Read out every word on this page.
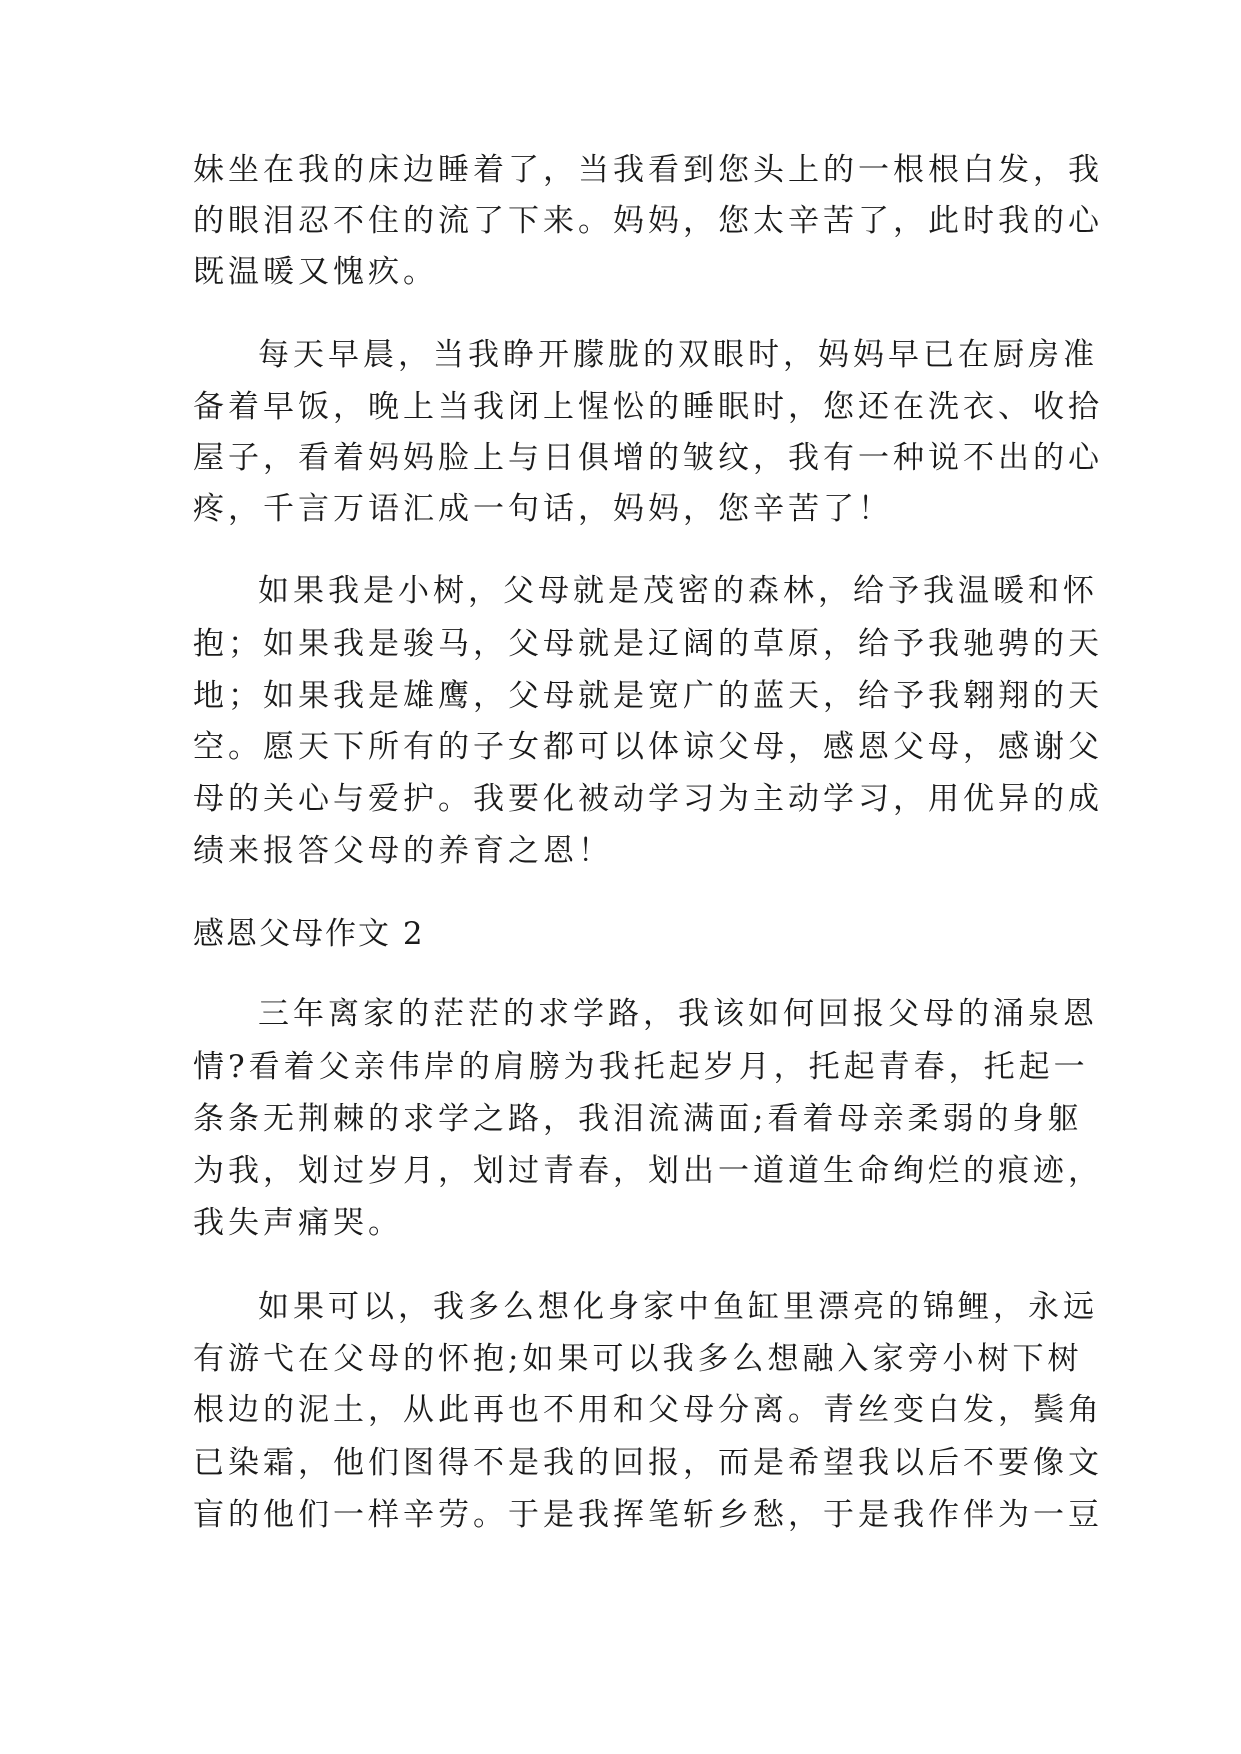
妹坐在我的床边睡着了，当我看到您头上的一根根白发，我
的眼泪忍不住的流了下来。妈妈，您太辛苦了，此时我的心
既温暖又愧疚。
每天早晨，当我睁开朦胧的双眼时，妈妈早已在厨房准
备着早饭，晚上当我闭上惺忪的睡眠时，您还在洗衣、收拾
屋子，看着妈妈脸上与日俱增的皱纹，我有一种说不出的心
疼，千言万语汇成一句话，妈妈，您辛苦了！
如果我是小树，父母就是茂密的森林，给予我温暖和怀
抱；如果我是骏马，父母就是辽阔的草原，给予我驰骋的天
地；如果我是雄鹰，父母就是宽广的蓝天，给予我翱翔的天
空。愿天下所有的子女都可以体谅父母，感恩父母，感谢父
母的关心与爱护。我要化被动学习为主动学习，用优异的成
绩来报答父母的养育之恩！
感恩父母作文 2
三年离家的茫茫的求学路，我该如何回报父母的涌泉恩
情?看着父亲伟岸的肩膀为我托起岁月，托起青春，托起一
条条无荆棘的求学之路，我泪流满面;看着母亲柔弱的身躯
为我，划过岁月，划过青春，划出一道道生命绚烂的痕迹，
我失声痛哭。
如果可以，我多么想化身家中鱼缸里漂亮的锦鲤，永远
有游弋在父母的怀抱;如果可以我多么想融入家旁小树下树
根边的泥土，从此再也不用和父母分离。青丝变白发，鬓角
已染霜，他们图得不是我的回报，而是希望我以后不要像文
盲的他们一样辛劳。于是我挥笔斩乡愁，于是我作伴为一豆
